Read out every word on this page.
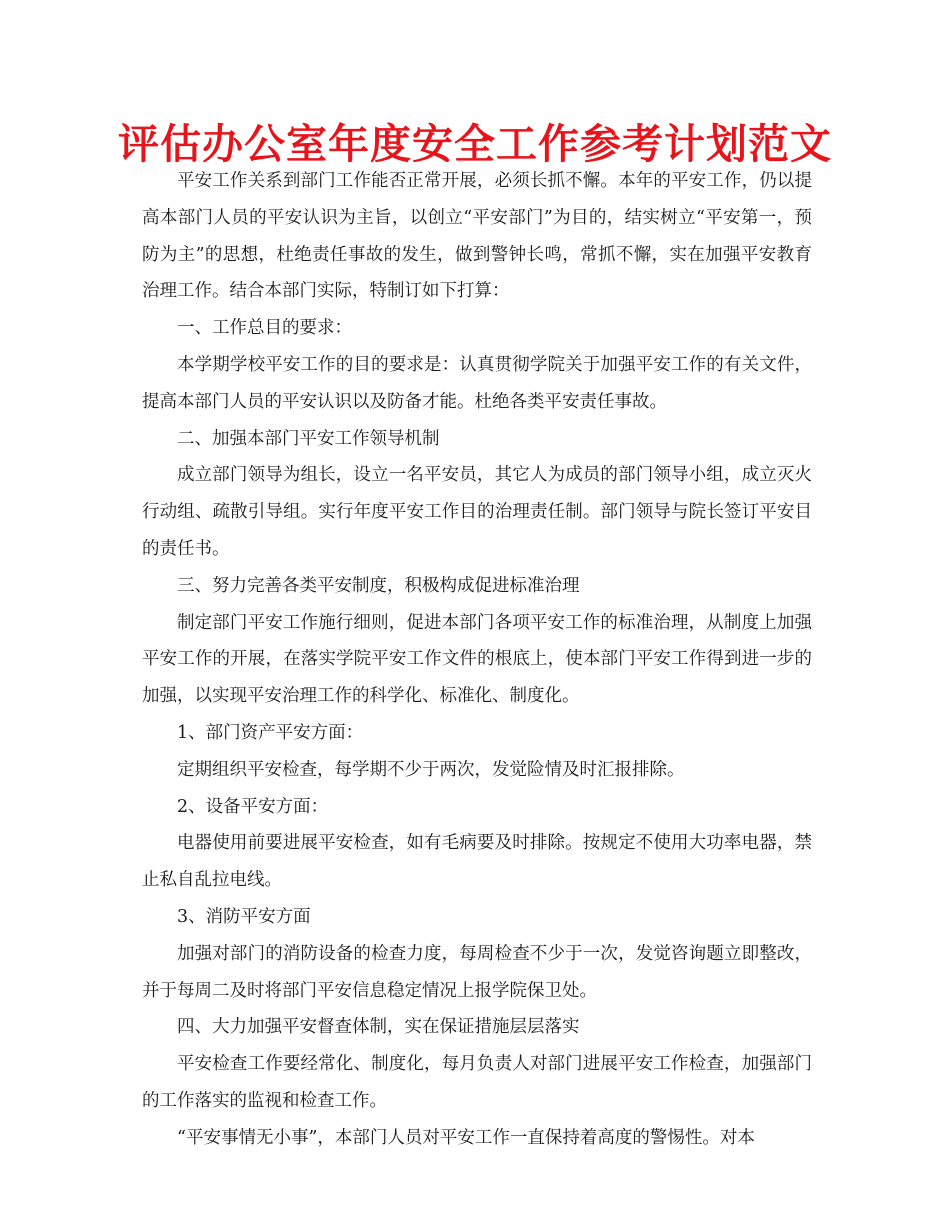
评估办公室年度安全工作参考计划范文

平安工作关系到部门工作能否正常开展，必须长抓不懈。本年的平安工作，仍以提高本部门人员的平安认识为主旨，以创立“平安部门”为目的，结实树立“平安第一，预防为主”的思想，杜绝责任事故的发生，做到警钟长鸣，常抓不懈，实在加强平安教育治理工作。结合本部门实际，特制订如下打算：

一、工作总目的要求：

本学期学校平安工作的目的要求是：认真贯彻学院关于加强平安工作的有关文件，提高本部门人员的平安认识以及防备才能。杜绝各类平安责任事故。

二、加强本部门平安工作领导机制

成立部门领导为组长，设立一名平安员，其它人为成员的部门领导小组，成立灭火行动组、疏散引导组。实行年度平安工作目的治理责任制。部门领导与院长签订平安目的责任书。

三、努力完善各类平安制度，积极构成促进标准治理

制定部门平安工作施行细则，促进本部门各项平安工作的标准治理，从制度上加强平安工作的开展，在落实学院平安工作文件的根底上，使本部门平安工作得到进一步的加强，以实现平安治理工作的科学化、标准化、制度化。

1、部门资产平安方面：

定期组织平安检查，每学期不少于两次，发觉险情及时汇报排除。

2、设备平安方面：

电器使用前要进展平安检查，如有毛病要及时排除。按规定不使用大功率电器，禁止私自乱拉电线。

3、消防平安方面

加强对部门的消防设备的检查力度，每周检查不少于一次，发觉咨询题立即整改，并于每周二及时将部门平安信息稳定情况上报学院保卫处。

四、大力加强平安督查体制，实在保证措施层层落实

平安检查工作要经常化、制度化，每月负责人对部门进展平安工作检查，加强部门的工作落实的监视和检查工作。

“平安事情无小事”，本部门人员对平安工作一直保持着高度的警惕性。对本
